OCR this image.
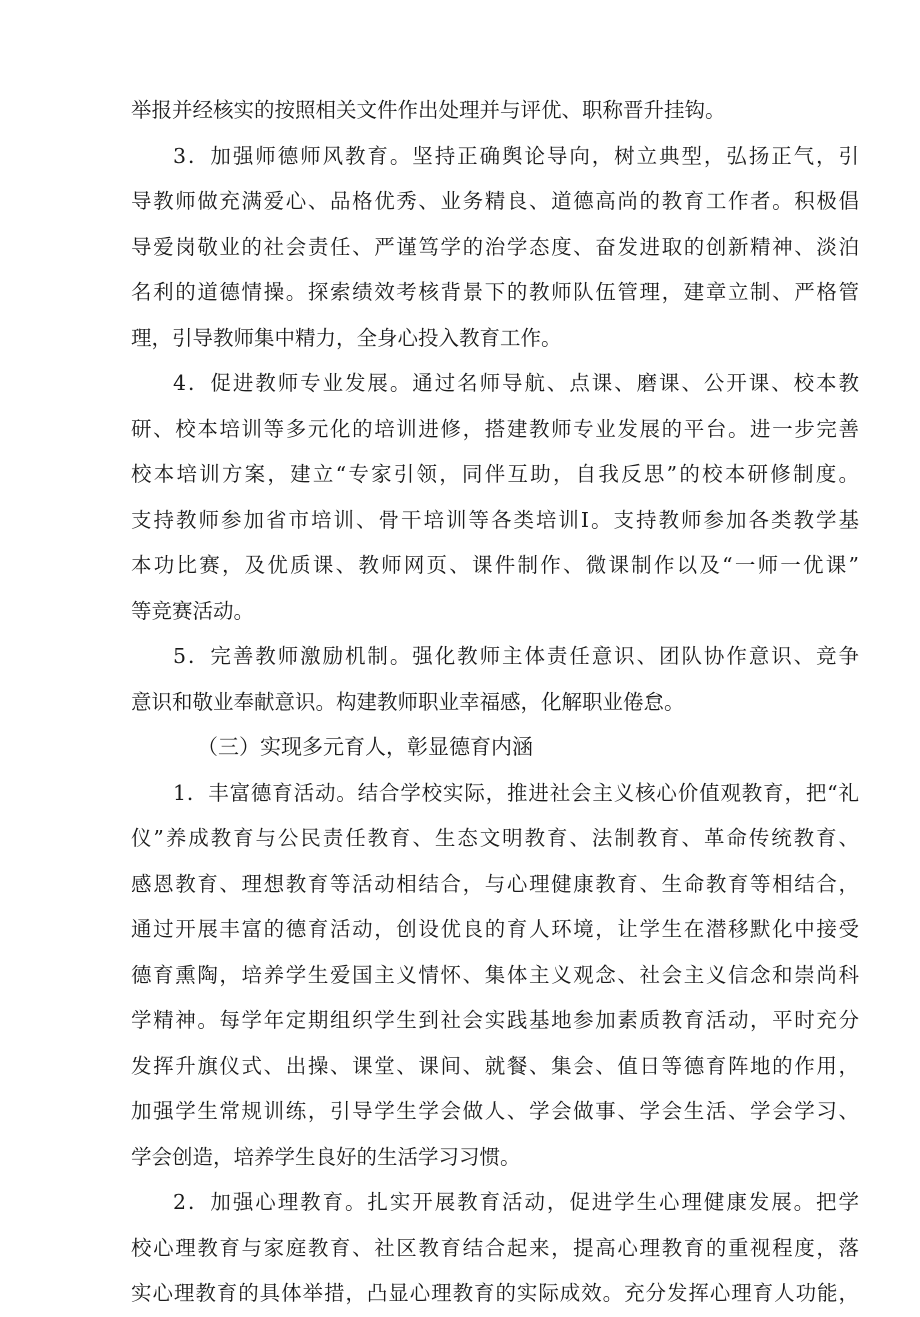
举报并经核实的按照相关文件作出处理并与评优、职称晋升挂钩。
3．加强师德师风教育。坚持正确舆论导向，树立典型，弘扬正气，引
导教师做充满爱心、品格优秀、业务精良、道德高尚的教育工作者。积极倡
导爱岗敬业的社会责任、严谨笃学的治学态度、奋发进取的创新精神、淡泊
名利的道德情操。探索绩效考核背景下的教师队伍管理，建章立制、严格管
理，引导教师集中精力，全身心投入教育工作。
4．促进教师专业发展。通过名师导航、点课、磨课、公开课、校本教
研、校本培训等多元化的培训进修，搭建教师专业发展的平台。进一步完善
校本培训方案，建立“专家引领，同伴互助，自我反思”的校本研修制度。
支持教师参加省市培训、骨干培训等各类培训Ⅰ。支持教师参加各类教学基
本功比赛，及优质课、教师网页、课件制作、微课制作以及“一师一优课”
等竞赛活动。
5．完善教师激励机制。强化教师主体责任意识、团队协作意识、竞争
意识和敬业奉献意识。构建教师职业幸福感，化解职业倦怠。
（三）实现多元育人，彰显德育内涵
1．丰富德育活动。结合学校实际，推进社会主义核心价值观教育，把“礼
仪”养成教育与公民责任教育、生态文明教育、法制教育、革命传统教育、
感恩教育、理想教育等活动相结合，与心理健康教育、生命教育等相结合，
通过开展丰富的德育活动，创设优良的育人环境，让学生在潜移默化中接受
德育熏陶，培养学生爱国主义情怀、集体主义观念、社会主义信念和崇尚科
学精神。每学年定期组织学生到社会实践基地参加素质教育活动，平时充分
发挥升旗仪式、出操、课堂、课间、就餐、集会、值日等德育阵地的作用，
加强学生常规训练，引导学生学会做人、学会做事、学会生活、学会学习、
学会创造，培养学生良好的生活学习习惯。
2．加强心理教育。扎实开展教育活动，促进学生心理健康发展。把学
校心理教育与家庭教育、社区教育结合起来，提高心理教育的重视程度，落
实心理教育的具体举措，凸显心理教育的实际成效。充分发挥心理育人功能，
